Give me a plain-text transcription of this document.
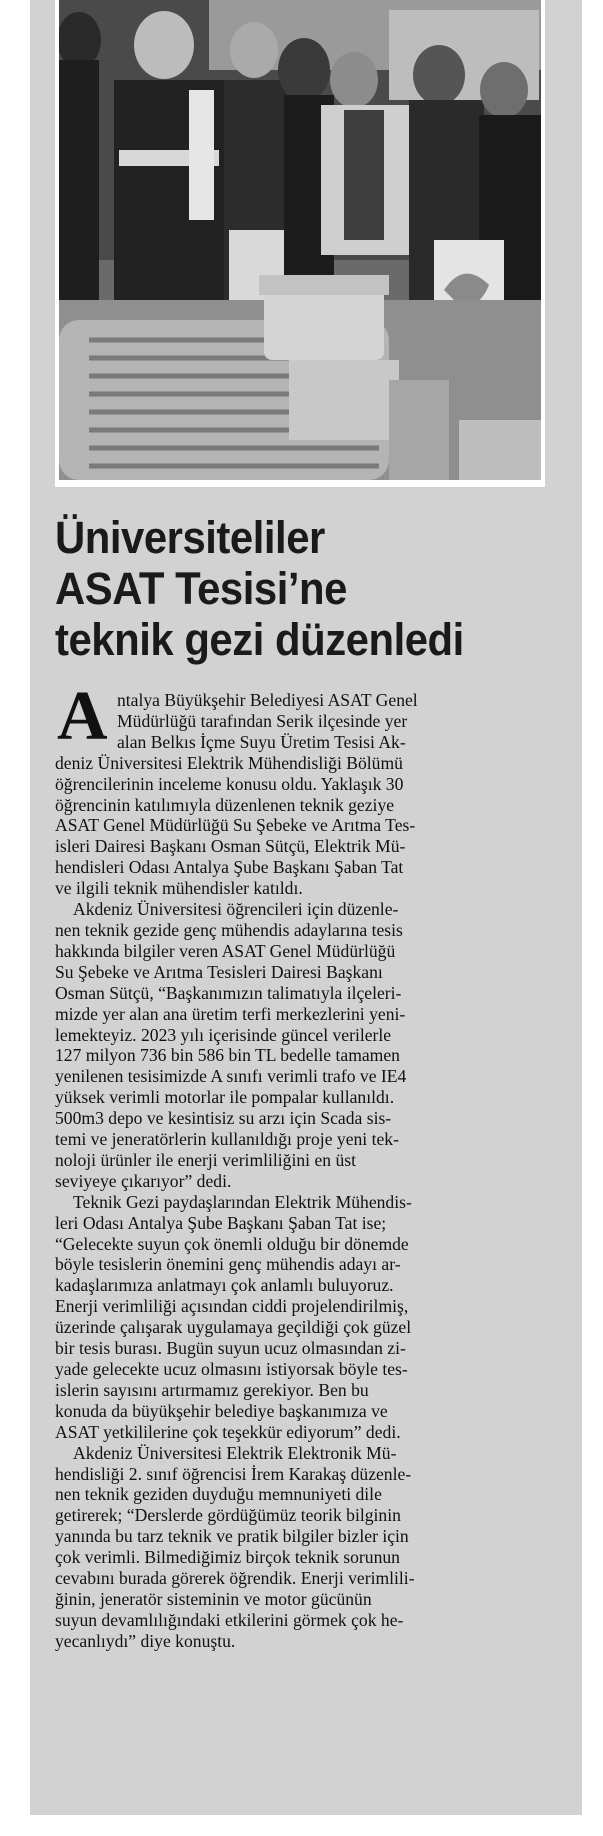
Üniversiteliler
ASAT Tesisi’ne
teknik gezi düzenledi
A ntalya Büyükşehir Belediyesi ASAT Genel
Müdürlüğü tarafından Serik ilçesinde yer
alan Belkıs İçme Suyu Üretim Tesisi Ak-
deniz Üniversitesi Elektrik Mühendisliği Bölümü
öğrencilerinin inceleme konusu oldu. Yaklaşık 30
öğrencinin katılımıyla düzenlenen teknik geziye
ASAT Genel Müdürlüğü Su Şebeke ve Arıtma Tes-
isleri Dairesi Başkanı Osman Sütçü, Elektrik Mü-
hendisleri Odası Antalya Şube Başkanı Şaban Tat
ve ilgili teknik mühendisler katıldı.
Akdeniz Üniversitesi öğrencileri için düzenle-
nen teknik gezide genç mühendis adaylarına tesis
hakkında bilgiler veren ASAT Genel Müdürlüğü
Su Şebeke ve Arıtma Tesisleri Dairesi Başkanı
Osman Sütçü, “Başkanımızın talimatıyla ilçeleri-
mizde yer alan ana üretim terfi merkezlerini yeni-
lemekteyiz. 2023 yılı içerisinde güncel verilerle
127 milyon 736 bin 586 bin TL bedelle tamamen
yenilenen tesisimizde A sınıfı verimli trafo ve IE4
yüksek verimli motorlar ile pompalar kullanıldı.
500m3 depo ve kesintisiz su arzı için Scada sis-
temi ve jeneratörlerin kullanıldığı proje yeni tek-
noloji ürünler ile enerji verimliliğini en üst
seviyeye çıkarıyor” dedi.
Teknik Gezi paydaşlarından Elektrik Mühendis-
leri Odası Antalya Şube Başkanı Şaban Tat ise;
“Gelecekte suyun çok önemli olduğu bir dönemde
böyle tesislerin önemini genç mühendis adayı ar-
kadaşlarımıza anlatmayı çok anlamlı buluyoruz.
Enerji verimliliği açısından ciddi projelendirilmiş,
üzerinde çalışarak uygulamaya geçildiği çok güzel
bir tesis burası. Bugün suyun ucuz olmasından zi-
yade gelecekte ucuz olmasını istiyorsak böyle tes-
islerin sayısını artırmamız gerekiyor. Ben bu
konuda da büyükşehir belediye başkanımıza ve
ASAT yetkililerine çok teşekkür ediyorum” dedi.
Akdeniz Üniversitesi Elektrik Elektronik Mü-
hendisliği 2. sınıf öğrencisi İrem Karakaş düzenle-
nen teknik geziden duyduğu memnuniyeti dile
getirerek; “Derslerde gördüğümüz teorik bilginin
yanında bu tarz teknik ve pratik bilgiler bizler için
çok verimli. Bilmediğimiz birçok teknik sorunun
cevabını burada görerek öğrendik. Enerji verimlili-
ğinin, jeneratör sisteminin ve motor gücünün
suyun devamlılığındaki etkilerini görmek çok he-
yecanlıydı” diye konuştu.
